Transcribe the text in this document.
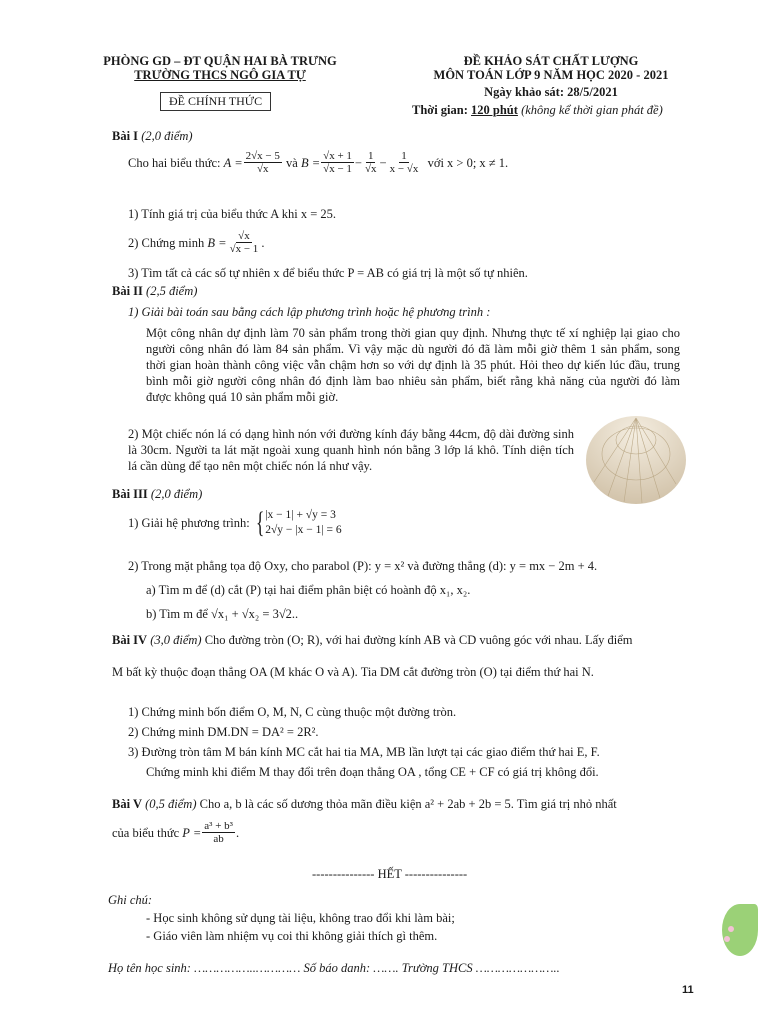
PHÒNG GD – ĐT QUẬN HAI BÀ TRƯNG
TRƯỜNG THCS NGÔ GIA TỰ
ĐỀ CHÍNH THỨC
ĐỀ KHẢO SÁT CHẤT LƯỢNG
MÔN TOÁN LỚP 9 NĂM HỌC 2020 - 2021
Ngày khảo sát: 28/5/2021
Thời gian: 120 phút (không kể thời gian phát đề)
Bài I (2,0 điểm)
Cho hai biểu thức:
$A = \frac{2√x - 5}{√x}$
và
$B = \frac{√x + 1}{√x - 1} - \frac{1}{√x} - \frac{1}{x - √x}$
với x > 0; x ≠ 1.
1) Tính giá trị của biểu thức A khi x = 25.
2) Chứng minh
$B = \frac{√x}{√x - 1}$ .
3) Tìm tất cả các số tự nhiên x để biểu thức P = AB có giá trị là một số tự nhiên.
Bài II (2,5 điểm)
1) Giải bài toán sau bằng cách lập phương trình hoặc hệ phương trình :
Một công nhân dự định làm 70 sản phẩm trong thời gian quy định. Nhưng thực tế xí nghiệp lại giao cho người công nhân đó làm 84 sản phẩm. Vì vậy mặc dù người đó đã làm mỗi giờ thêm 1 sản phẩm, song thời gian hoàn thành công việc vẫn chậm hơn so với dự định là 35 phút. Hỏi theo dự kiến lúc đầu, trung bình mỗi giờ người công nhân đó định làm bao nhiêu sản phẩm, biết rằng khả năng của người đó làm được không quá 10 sản phẩm mỗi giờ.
2) Một chiếc nón lá có dạng hình nón với đường kính đáy bằng 44cm, độ dài đường sinh là 30cm. Người ta lát mặt ngoài xung quanh hình nón bằng 3 lớp lá khô. Tính diện tích lá cần dùng để tạo nên một chiếc nón lá như vậy.
Bài III (2,0 điểm)
1) Giải hệ phương trình:
{ |x − 1| + √y = 3
2√y − |x − 1| = 6
2) Trong mặt phẳng tọa độ Oxy, cho parabol (P): y = x² và đường thẳng (d): y = mx − 2m + 4.
a) Tìm m để (d) cắt (P) tại hai điểm phân biệt có hoành độ x₁, x₂.
b) Tìm m để √x₁ + √x₂ = 3√2..
Bài IV (3,0 điểm) Cho đường tròn (O; R), với hai đường kính AB và CD vuông góc với nhau. Lấy điểm
M bất kỳ thuộc đoạn thẳng OA (M khác O và A). Tia DM cắt đường tròn (O) tại điểm thứ hai N.
1) Chứng minh bốn điểm O, M, N, C cùng thuộc một đường tròn.
2) Chứng minh DM.DN = DA² = 2R².
3) Đường tròn tâm M bán kính MC cắt hai tia MA, MB lần lượt tại các giao điểm thứ hai E, F.
Chứng minh khi điểm M thay đổi trên đoạn thẳng OA , tổng CE + CF có giá trị không đổi.
Bài V (0,5 điểm) Cho a, b là các số dương thỏa mãn điều kiện a² + 2ab + 2b = 5. Tìm giá trị nhỏ nhất
của biểu thức
$P = \frac{\text{a³ + b³}}{ab}$ .
--------------- HẾT ---------------
Ghi chú:
- Học sinh không sử dụng tài liệu, không trao đổi khi làm bài;
- Giáo viên làm nhiệm vụ coi thi không giải thích gì thêm.
Họ tên học sinh: ……………..………… Số báo danh: ……. Trường THCS …………………..
11
